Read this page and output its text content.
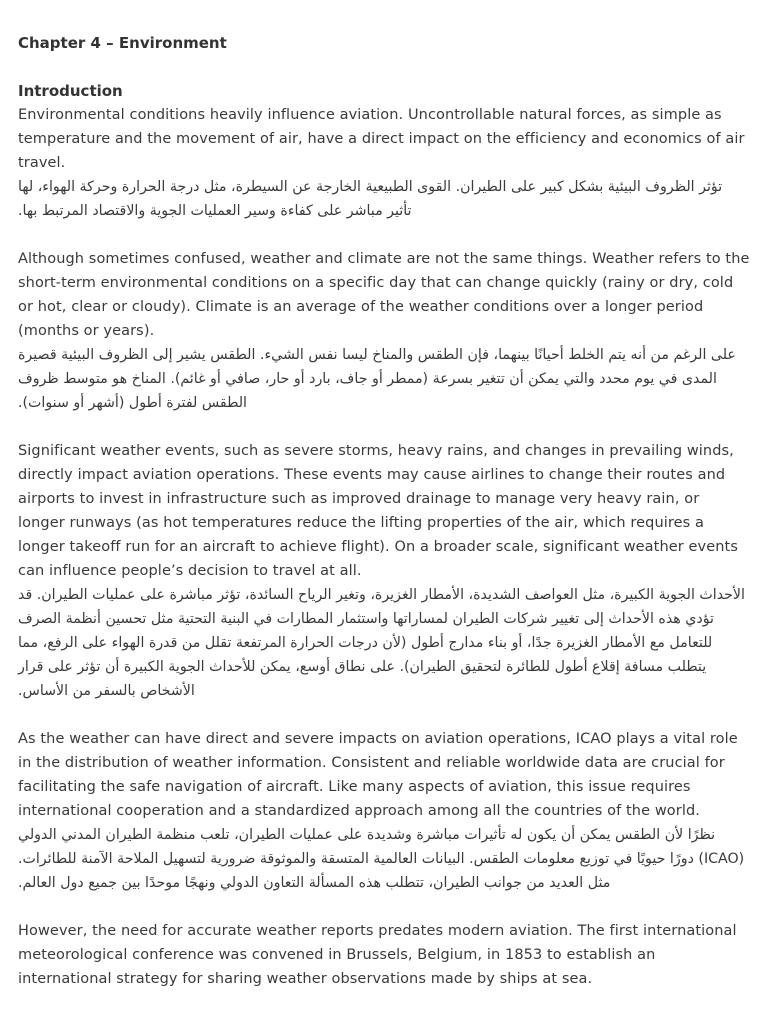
Chapter 4 – Environment
Introduction

Environmental conditions heavily influence aviation. Uncontrollable natural forces, as simple as temperature and the movement of air, have a direct impact on the efficiency and economics of air travel.

تؤثر الظروف البيئية بشكل كبير على الطيران. القوى الطبيعية الخارجة عن السيطرة، مثل درجة الحرارة وحركة الهواء، لها تأثير مباشر على كفاءة وسير العمليات الجوية والاقتصاد المرتبط بها.

Although sometimes confused, weather and climate are not the same things. Weather refers to the short-term environmental conditions on a specific day that can change quickly (rainy or dry, cold or hot, clear or cloudy). Climate is an average of the weather conditions over a longer period (months or years).

على الرغم من أنه يتم الخلط أحيانًا بينهما، فإن الطقس والمناخ ليسا نفس الشيء. الطقس يشير إلى الظروف البيئية قصيرة المدى في يوم محدد والتي يمكن أن تتغير بسرعة (ممطر أو جاف، بارد أو حار، صافي أو غائم). المناخ هو متوسط ظروف الطقس لفترة أطول (أشهر أو سنوات).

Significant weather events, such as severe storms, heavy rains, and changes in prevailing winds, directly impact aviation operations. These events may cause airlines to change their routes and airports to invest in infrastructure such as improved drainage to manage very heavy rain, or longer runways (as hot temperatures reduce the lifting properties of the air, which requires a longer takeoff run for an aircraft to achieve flight). On a broader scale, significant weather events can influence people’s decision to travel at all.

الأحداث الجوية الكبيرة، مثل العواصف الشديدة، الأمطار الغزيرة، وتغير الرياح السائدة، تؤثر مباشرة على عمليات الطيران. قد تؤدي هذه الأحداث إلى تغيير شركات الطيران لمساراتها واستثمار المطارات في البنية التحتية مثل تحسين أنظمة الصرف للتعامل مع الأمطار الغزيرة جدًا، أو بناء مدارج أطول (لأن درجات الحرارة المرتفعة تقلل من قدرة الهواء على الرفع، مما يتطلب مسافة إقلاع أطول للطائرة لتحقيق الطيران). على نطاق أوسع، يمكن للأحداث الجوية الكبيرة أن تؤثر على قرار الأشخاص بالسفر من الأساس.

As the weather can have direct and severe impacts on aviation operations, ICAO plays a vital role in the distribution of weather information. Consistent and reliable worldwide data are crucial for facilitating the safe navigation of aircraft. Like many aspects of aviation, this issue requires international cooperation and a standardized approach among all the countries of the world.

نظرًا لأن الطقس يمكن أن يكون له تأثيرات مباشرة وشديدة على عمليات الطيران، تلعب منظمة الطيران المدني الدولي (ICAO) دورًا حيويًا في توزيع معلومات الطقس. البيانات العالمية المتسقة والموثوقة ضرورية لتسهيل الملاحة الآمنة للطائرات. مثل العديد من جوانب الطيران، تتطلب هذه المسألة التعاون الدولي ونهجًا موحدًا بين جميع دول العالم.

However, the need for accurate weather reports predates modern aviation. The first international meteorological conference was convened in Brussels, Belgium, in 1853 to establish an international strategy for sharing weather observations made by ships at sea.
